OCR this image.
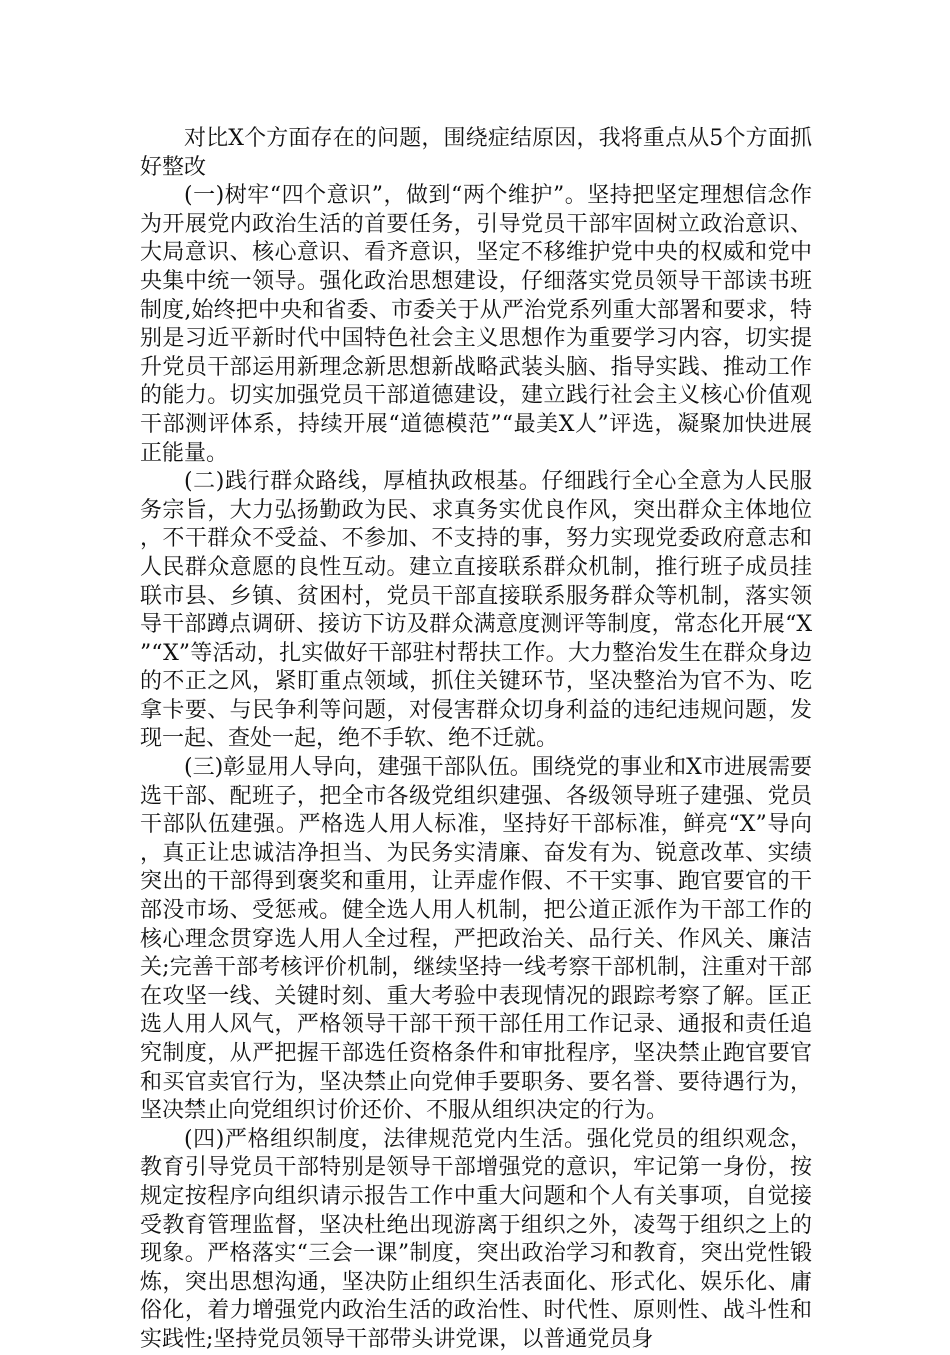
对比X个方面存在的问题，围绕症结原因，我将重点从5个方面抓好整改

(一)树牢“四个意识”，做到“两个维护”。坚持把坚定理想信念作为开展党内政治生活的首要任务，引导党员干部牢固树立政治意识、大局意识、核心意识、看齐意识，坚定不移维护党中央的权威和党中央集中统一领导。强化政治思想建设，仔细落实党员领导干部读书班制度,始终把中央和省委、市委关于从严治党系列重大部署和要求，特别是习近平新时代中国特色社会主义思想作为重要学习内容，切实提升党员干部运用新理念新思想新战略武装头脑、指导实践、推动工作的能力。切实加强党员干部道德建设，建立践行社会主义核心价值观干部测评体系，持续开展“道德模范”“最美X人”评选，凝聚加快进展正能量。

(二)践行群众路线，厚植执政根基。仔细践行全心全意为人民服务宗旨，大力弘扬勤政为民、求真务实优良作风，突出群众主体地位，不干群众不受益、不参加、不支持的事，努力实现党委政府意志和人民群众意愿的良性互动。建立直接联系群众机制，推行班子成员挂联市县、乡镇、贫困村，党员干部直接联系服务群众等机制，落实领导干部蹲点调研、接访下访及群众满意度测评等制度，常态化开展“X”“X”等活动，扎实做好干部驻村帮扶工作。大力整治发生在群众身边的不正之风，紧盯重点领域，抓住关键环节，坚决整治为官不为、吃拿卡要、与民争利等问题，对侵害群众切身利益的违纪违规问题，发现一起、查处一起，绝不手软、绝不迁就。

(三)彰显用人导向，建强干部队伍。围绕党的事业和X市进展需要选干部、配班子，把全市各级党组织建强、各级领导班子建强、党员干部队伍建强。严格选人用人标准，坚持好干部标准，鲜亮“X”导向，真正让忠诚洁净担当、为民务实清廉、奋发有为、锐意改革、实绩突出的干部得到褒奖和重用，让弄虚作假、不干实事、跑官要官的干部没市场、受惩戒。健全选人用人机制，把公道正派作为干部工作的核心理念贯穿选人用人全过程，严把政治关、品行关、作风关、廉洁关;完善干部考核评价机制，继续坚持一线考察干部机制，注重对干部在攻坚一线、关键时刻、重大考验中表现情况的跟踪考察了解。匡正选人用人风气，严格领导干部干预干部任用工作记录、通报和责任追究制度，从严把握干部选任资格条件和审批程序，坚决禁止跑官要官和买官卖官行为，坚决禁止向党伸手要职务、要名誉、要待遇行为，坚决禁止向党组织讨价还价、不服从组织决定的行为。

(四)严格组织制度，法律规范党内生活。强化党员的组织观念，教育引导党员干部特别是领导干部增强党的意识，牢记第一身份，按规定按程序向组织请示报告工作中重大问题和个人有关事项，自觉接受教育管理监督，坚决杜绝出现游离于组织之外，凌驾于组织之上的现象。严格落实“三会一课”制度，突出政治学习和教育，突出党性锻炼，突出思想沟通，坚决防止组织生活表面化、形式化、娱乐化、庸俗化，着力增强党内政治生活的政治性、时代性、原则性、战斗性和实践性;坚持党员领导干部带头讲党课，以普通党员身
